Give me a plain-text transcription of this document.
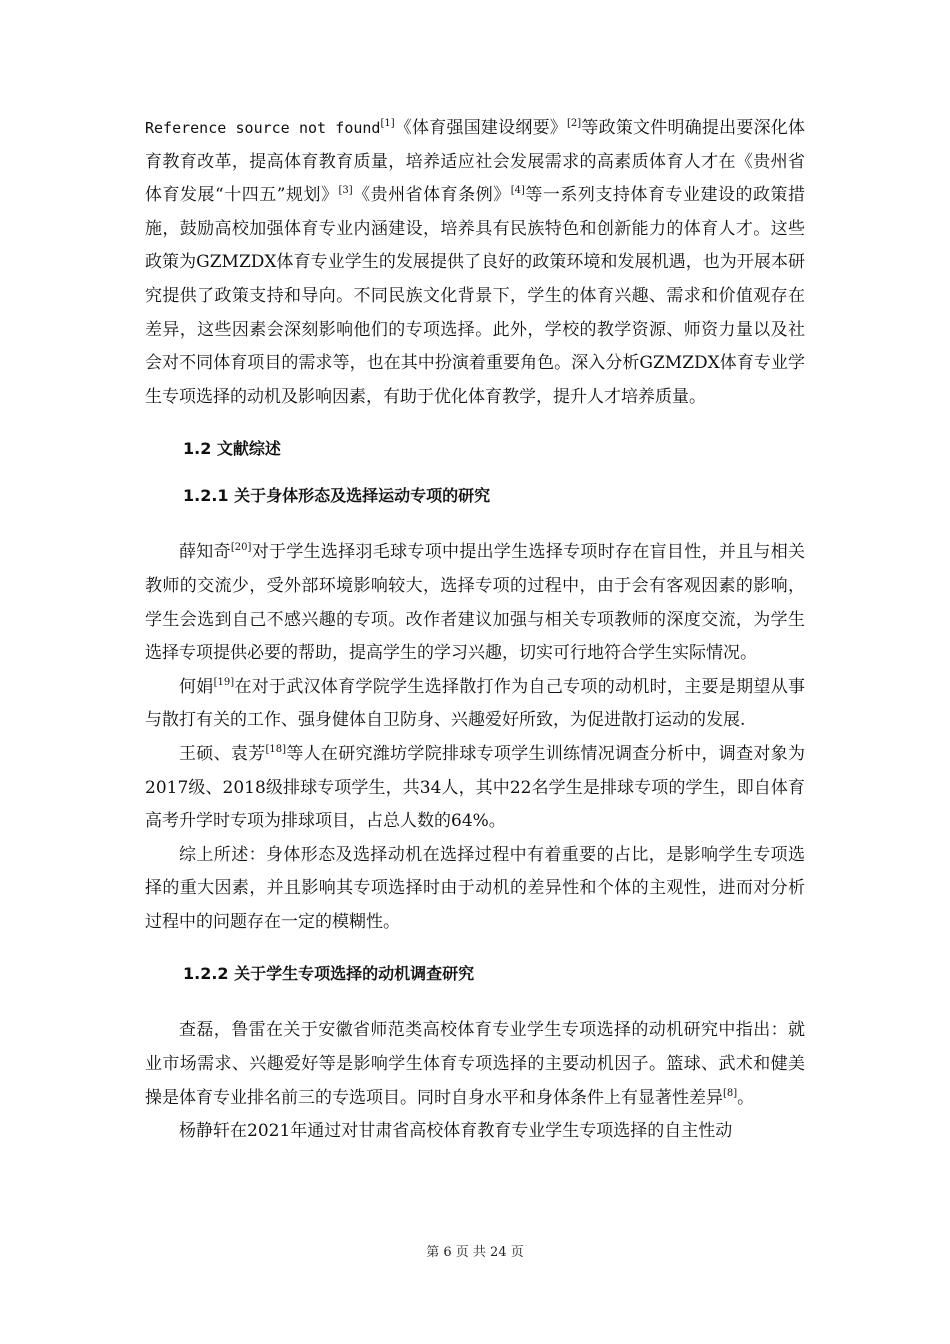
Reference source not found[1]《体育强国建设纲要》[2]等政策文件明确提出要深化体育教育改革，提高体育教育质量，培养适应社会发展需求的高素质体育人才在《贵州省体育发展“十四五”规划》[3]《贵州省体育条例》[4]等一系列支持体育专业建设的政策措施，鼓励高校加强体育专业内涵建设，培养具有民族特色和创新能力的体育人才。这些政策为GZMZDX体育专业学生的发展提供了良好的政策环境和发展机遇，也为开展本研究提供了政策支持和导向。不同民族文化背景下，学生的体育兴趣、需求和价值观存在差异，这些因素会深刻影响他们的专项选择。此外，学校的教学资源、师资力量以及社会对不同体育项目的需求等，也在其中扮演着重要角色。深入分析GZMZDX体育专业学生专项选择的动机及影响因素，有助于优化体育教学，提升人才培养质量。

1.2 文献综述
1.2.1 关于身体形态及选择运动专项的研究

薛知奇[20]对于学生选择羽毛球专项中提出学生选择专项时存在盲目性，并且与相关教师的交流少，受外部环境影响较大，选择专项的过程中，由于会有客观因素的影响，学生会选到自己不感兴趣的专项。改作者建议加强与相关专项教师的深度交流，为学生选择专项提供必要的帮助，提高学生的学习兴趣，切实可行地符合学生实际情况。

何娟[19]在对于武汉体育学院学生选择散打作为自己专项的动机时，主要是期望从事与散打有关的工作、强身健体自卫防身、兴趣爱好所致，为促进散打运动的发展.

王硕、袁芳[18]等人在研究潍坊学院排球专项学生训练情况调查分析中，调查对象为2017级、2018级排球专项学生，共34人，其中22名学生是排球专项的学生，即自体育高考升学时专项为排球项目，占总人数的64%。

综上所述：身体形态及选择动机在选择过程中有着重要的占比，是影响学生专项选择的重大因素，并且影响其专项选择时由于动机的差异性和个体的主观性，进而对分析过程中的问题存在一定的模糊性。

1.2.2 关于学生专项选择的动机调查研究

查磊，鲁雷在关于安徽省师范类高校体育专业学生专项选择的动机研究中指出：就业市场需求、兴趣爱好等是影响学生体育专项选择的主要动机因子。篮球、武术和健美操是体育专业排名前三的专选项目。同时自身水平和身体条件上有显著性差异[8]。

杨静轩在2021年通过对甘肃省高校体育教育专业学生专项选择的自主性动

第 6 页 共 24 页
